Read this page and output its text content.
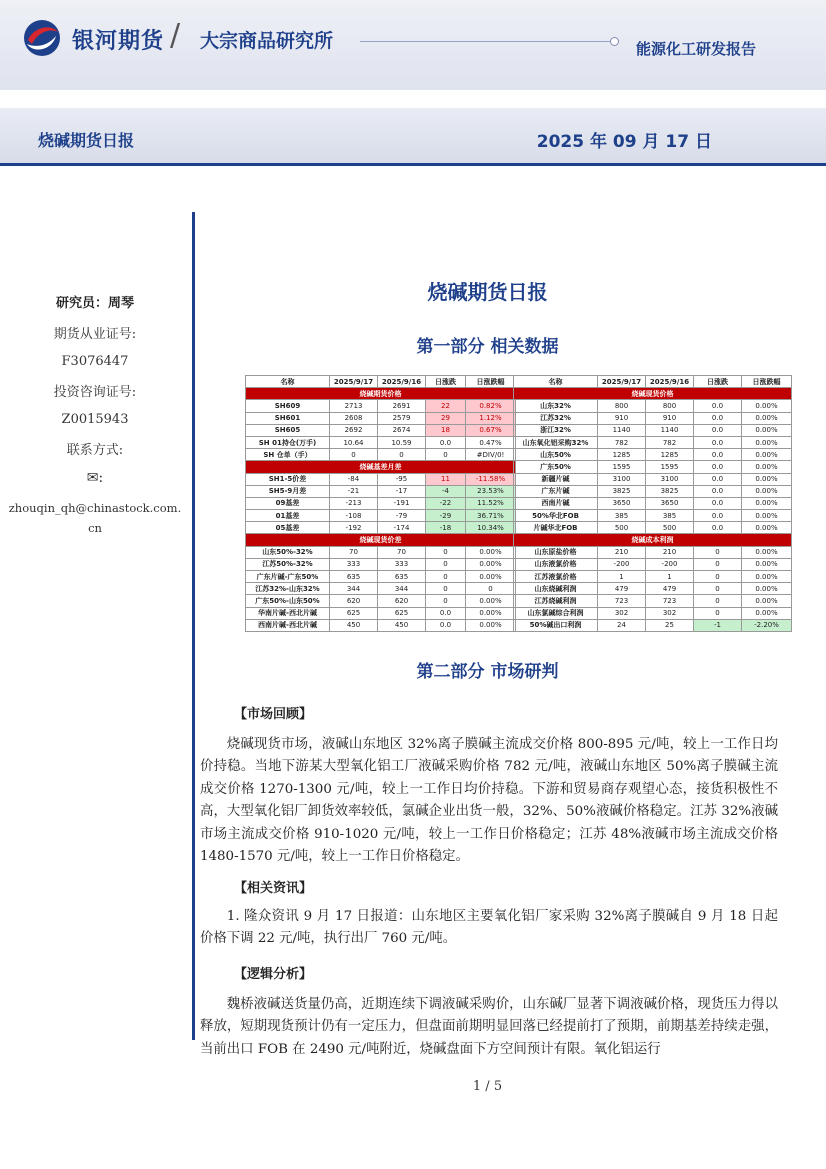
银河期货 / 大宗商品研究所	能源化工研发报告
烧碱期货日报	2025 年 09 月 17 日
研究员：周琴
期货从业证号:
F3076447
投资咨询证号:
Z0015943
联系方式:
✉:
zhouqin_qh@chinastock.com.cn
烧碱期货日报
第一部分 相关数据
名称	2025/9/17	2025/9/16	日涨跌	日涨跌幅
烧碱期货价格				
SH609	2713	2691	22	0.82%
SH601	2608	2579	29	1.12%
SH605	2692	2674	18	0.67%
SH 01持仓(万手)	10.64	10.59	0.0	0.47%
SH 仓单（手）	0	0	0	#DIV/0!
烧碱基差月差				
SH1-5价差	-84	-95	11	-11.58%
SH5-9月差	-21	-17	-4	23.53%
09基差	-213	-191	-22	11.52%
01基差	-108	-79	-29	36.71%
05基差	-192	-174	-18	10.34%
烧碱现货价差				
山东50%-32%	70	70	0	0.00%
江苏50%-32%	333	333	0	0.00%
广东片碱-广东50%	635	635	0	0.00%
江苏32%-山东32%	344	344	0	0
广东50%-山东50%	620	620	0	0.00%
华南片碱-西北片碱	625	625	0.0	0.00%
西南片碱-西北片碱	450	450	0.0	0.00%
名称	2025/9/17	2025/9/16	日涨跌	日涨跌幅
烧碱现货价格				
山东32%	800	800	0.0	0.00%
江苏32%	910	910	0.0	0.00%
浙江32%	1140	1140	0.0	0.00%
山东氧化铝采购32%	782	782	0.0	0.00%
山东50%	1285	1285	0.0	0.00%
广东50%	1595	1595	0.0	0.00%
新疆片碱	3100	3100	0.0	0.00%
广东片碱	3825	3825	0.0	0.00%
西南片碱	3650	3650	0.0	0.00%
50%华北FOB	385	385	0.0	0.00%
片碱华北FOB	500	500	0.0	0.00%
烧碱成本利润				
山东原盐价格	210	210	0	0.00%
山东液氯价格	-200	-200	0	0.00%
江苏液氯价格	1	1	0	0.00%
山东烧碱利润	479	479	0	0.00%
江苏烧碱利润	723	723	0	0.00%
山东氯碱综合利润	302	302	0	0.00%
50%碱出口利润	24	25	-1	-2.20%
第二部分 市场研判
【市场回顾】
烧碱现货市场，液碱山东地区 32%离子膜碱主流成交价格 800-895 元/吨，较上一工作日均价持稳。当地下游某大型氧化铝工厂液碱采购价格 782 元/吨，液碱山东地区 50%离子膜碱主流成交价格 1270-1300 元/吨，较上一工作日均价持稳。下游和贸易商存观望心态，接货积极性不高，大型氧化铝厂卸货效率较低，氯碱企业出货一般，32%、50%液碱价格稳定。江苏 32%液碱市场主流成交价格 910-1020 元/吨，较上一工作日价格稳定；江苏 48%液碱市场主流成交价格 1480-1570 元/吨，较上一工作日价格稳定。
【相关资讯】
1. 隆众资讯 9 月 17 日报道：山东地区主要氧化铝厂家采购 32%离子膜碱自 9 月 18 日起价格下调 22 元/吨，执行出厂 760 元/吨。
【逻辑分析】
魏桥液碱送货量仍高，近期连续下调液碱采购价，山东碱厂显著下调液碱价格，现货压力得以释放，短期现货预计仍有一定压力，但盘面前期明显回落已经提前打了预期，前期基差持续走强，当前出口 FOB 在 2490 元/吨附近，烧碱盘面下方空间预计有限。氧化铝运行
1 / 5
